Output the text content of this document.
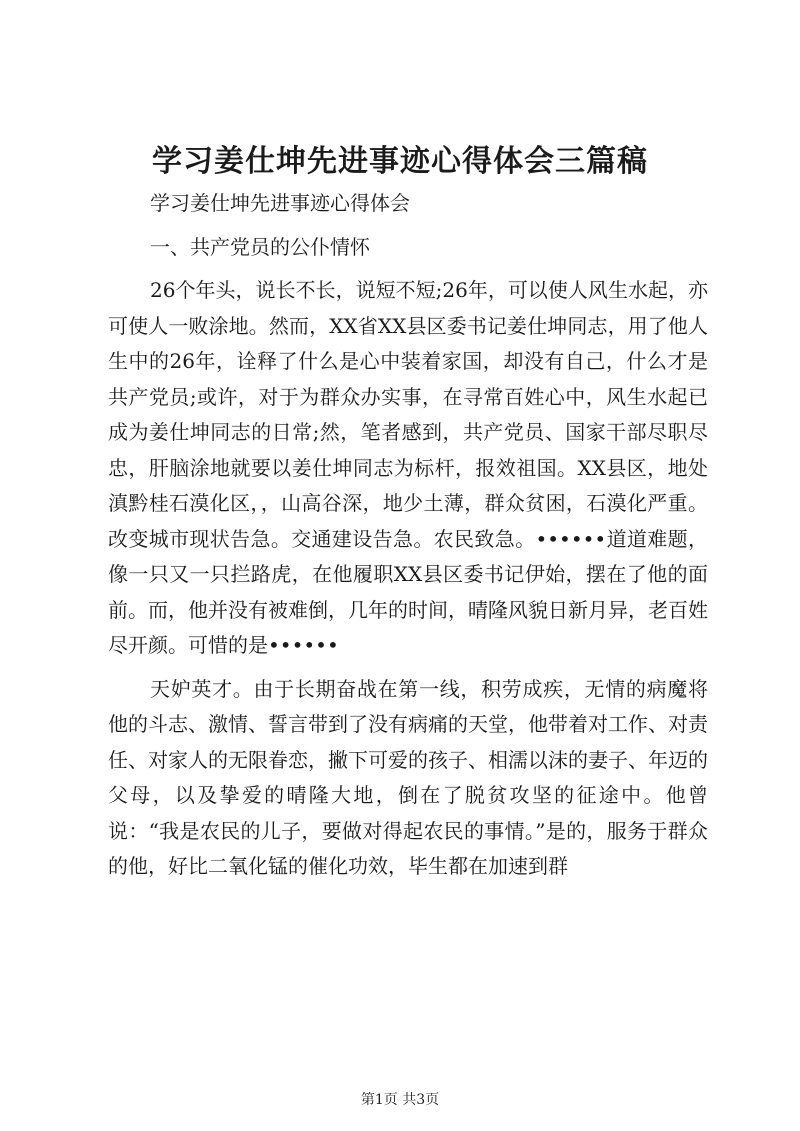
学习姜仕坤先进事迹心得体会三篇稿

学习姜仕坤先进事迹心得体会

一、共产党员的公仆情怀

26个年头，说长不长，说短不短;26年，可以使人风生水起，亦可使人一败涂地。然而，XX省XX县区委书记姜仕坤同志，用了他人生中的26年，诠释了什么是心中装着家国，却没有自己，什么才是共产党员;或许，对于为群众办实事，在寻常百姓心中，风生水起已成为姜仕坤同志的日常;然，笔者感到，共产党员、国家干部尽职尽忠，肝脑涂地就要以姜仕坤同志为标杆，报效祖国。XX县区，地处滇黔桂石漠化区，，山高谷深，地少土薄，群众贫困，石漠化严重。改变城市现状告急。交通建设告急。农民致急。••••••道道难题，像一只又一只拦路虎，在他履职XX县区委书记伊始，摆在了他的面前。而，他并没有被难倒，几年的时间，晴隆风貌日新月异，老百姓尽开颜。可惜的是••••••

天妒英才。由于长期奋战在第一线，积劳成疾，无情的病魔将他的斗志、激情、誓言带到了没有病痛的天堂，他带着对工作、对责任、对家人的无限眷恋，撇下可爱的孩子、相濡以沫的妻子、年迈的父母，以及挚爱的晴隆大地，倒在了脱贫攻坚的征途中。他曾说：“我是农民的儿子，要做对得起农民的事情。”是的，服务于群众的他，好比二氧化锰的催化功效，毕生都在加速到群

第1页 共3页
